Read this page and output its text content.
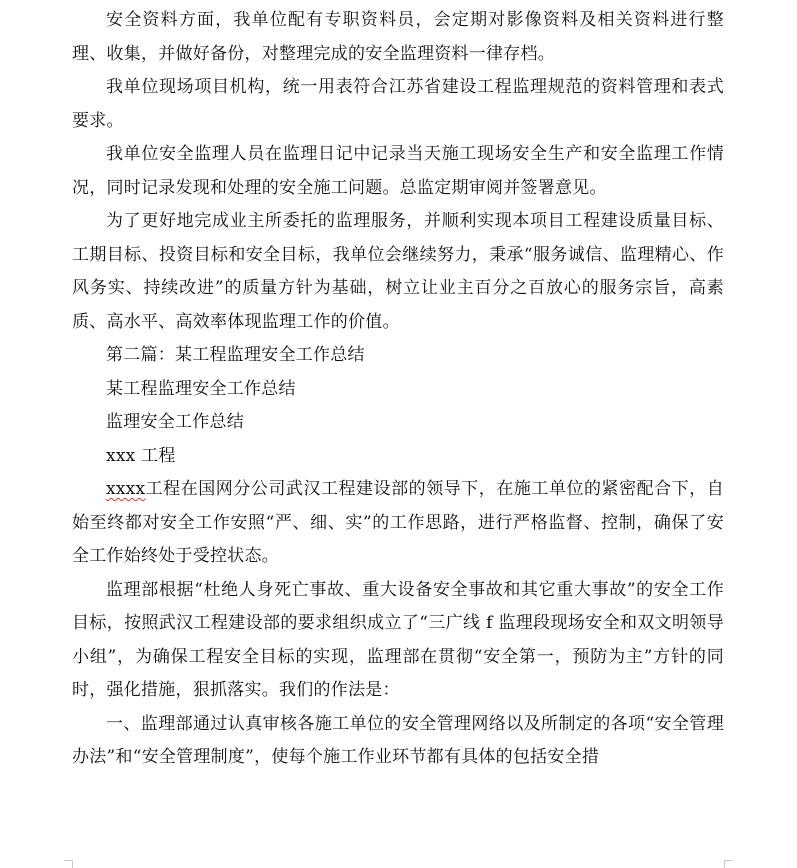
安全资料方面，我单位配有专职资料员，会定期对影像资料及相关资料进行整理、收集，并做好备份，对整理完成的安全监理资料一律存档。

我单位现场项目机构，统一用表符合江苏省建设工程监理规范的资料管理和表式要求。

我单位安全监理人员在监理日记中记录当天施工现场安全生产和安全监理工作情况，同时记录发现和处理的安全施工问题。总监定期审阅并签署意见。

为了更好地完成业主所委托的监理服务，并顺利实现本项目工程建设质量目标、工期目标、投资目标和安全目标，我单位会继续努力，秉承“服务诚信、监理精心、作风务实、持续改进”的质量方针为基础，树立让业主百分之百放心的服务宗旨，高素质、高水平、高效率体现监理工作的价值。

第二篇：某工程监理安全工作总结

某工程监理安全工作总结

监理安全工作总结

xxx 工程

xxxx工程在国网分公司武汉工程建设部的领导下，在施工单位的紧密配合下，自始至终都对安全工作安照“严、细、实”的工作思路，进行严格监督、控制，确保了安全工作始终处于受控状态。

监理部根据“杜绝人身死亡事故、重大设备安全事故和其它重大事故”的安全工作目标，按照武汉工程建设部的要求组织成立了“三广线 f 监理段现场安全和双文明领导小组”，为确保工程安全目标的实现，监理部在贯彻“安全第一，预防为主”方针的同时，强化措施，狠抓落实。我们的作法是：

一、监理部通过认真审核各施工单位的安全管理网络以及所制定的各项“安全管理办法”和“安全管理制度”，使每个施工作业环节都有具体的包括安全措
